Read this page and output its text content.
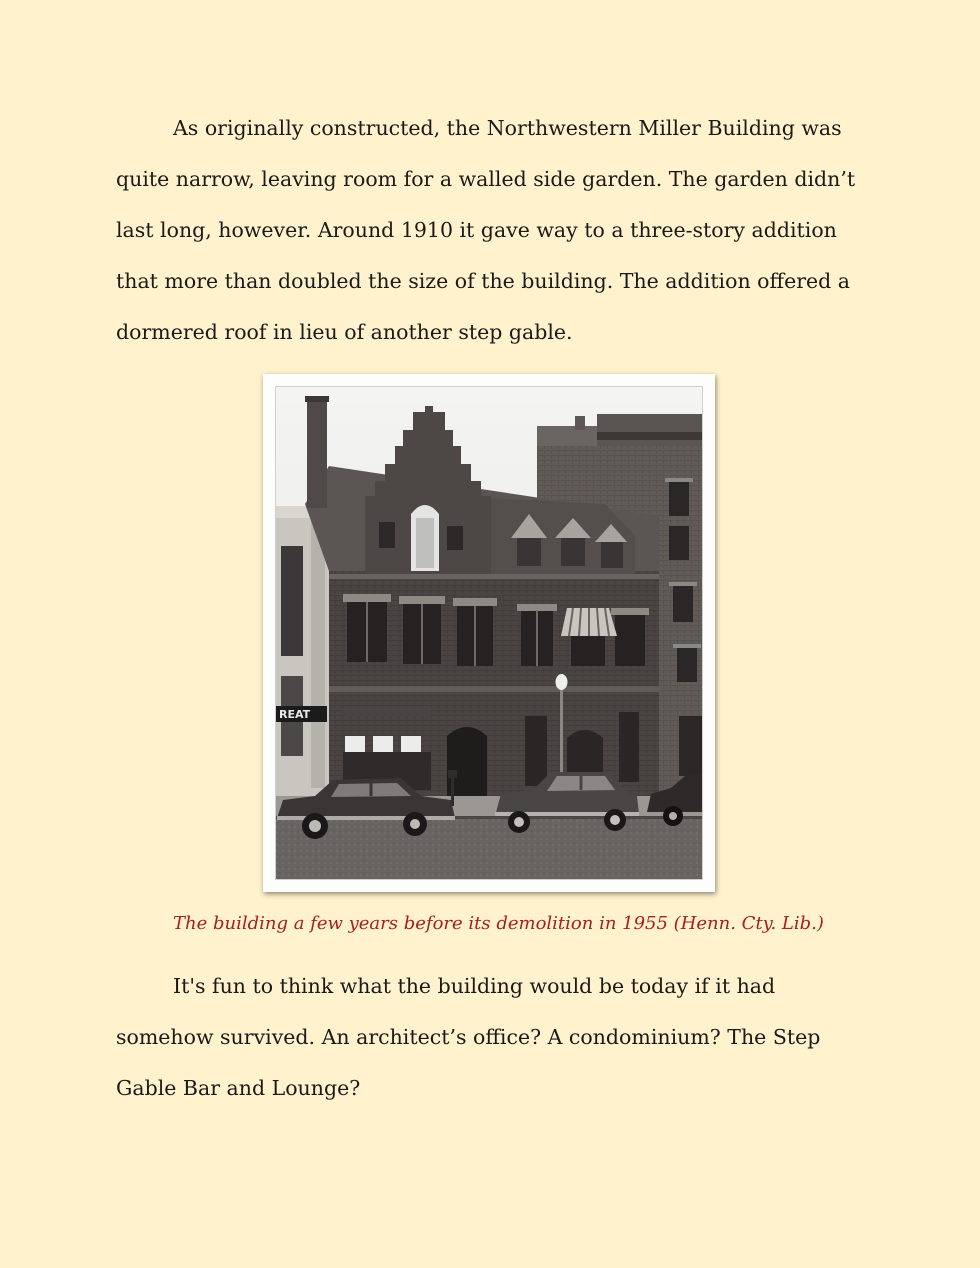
As originally constructed, the Northwestern Miller Building was quite narrow, leaving room for a walled side garden. The garden didn’t last long, however. Around 1910 it gave way to a three-story addition that more than doubled the size of the building. The addition offered a dormered roof in lieu of another step gable.

REAT

The building a few years before its demolition in 1955 (Henn. Cty. Lib.)

It's fun to think what the building would be today if it had somehow survived. An architect’s office? A condominium? The Step Gable Bar and Lounge?
